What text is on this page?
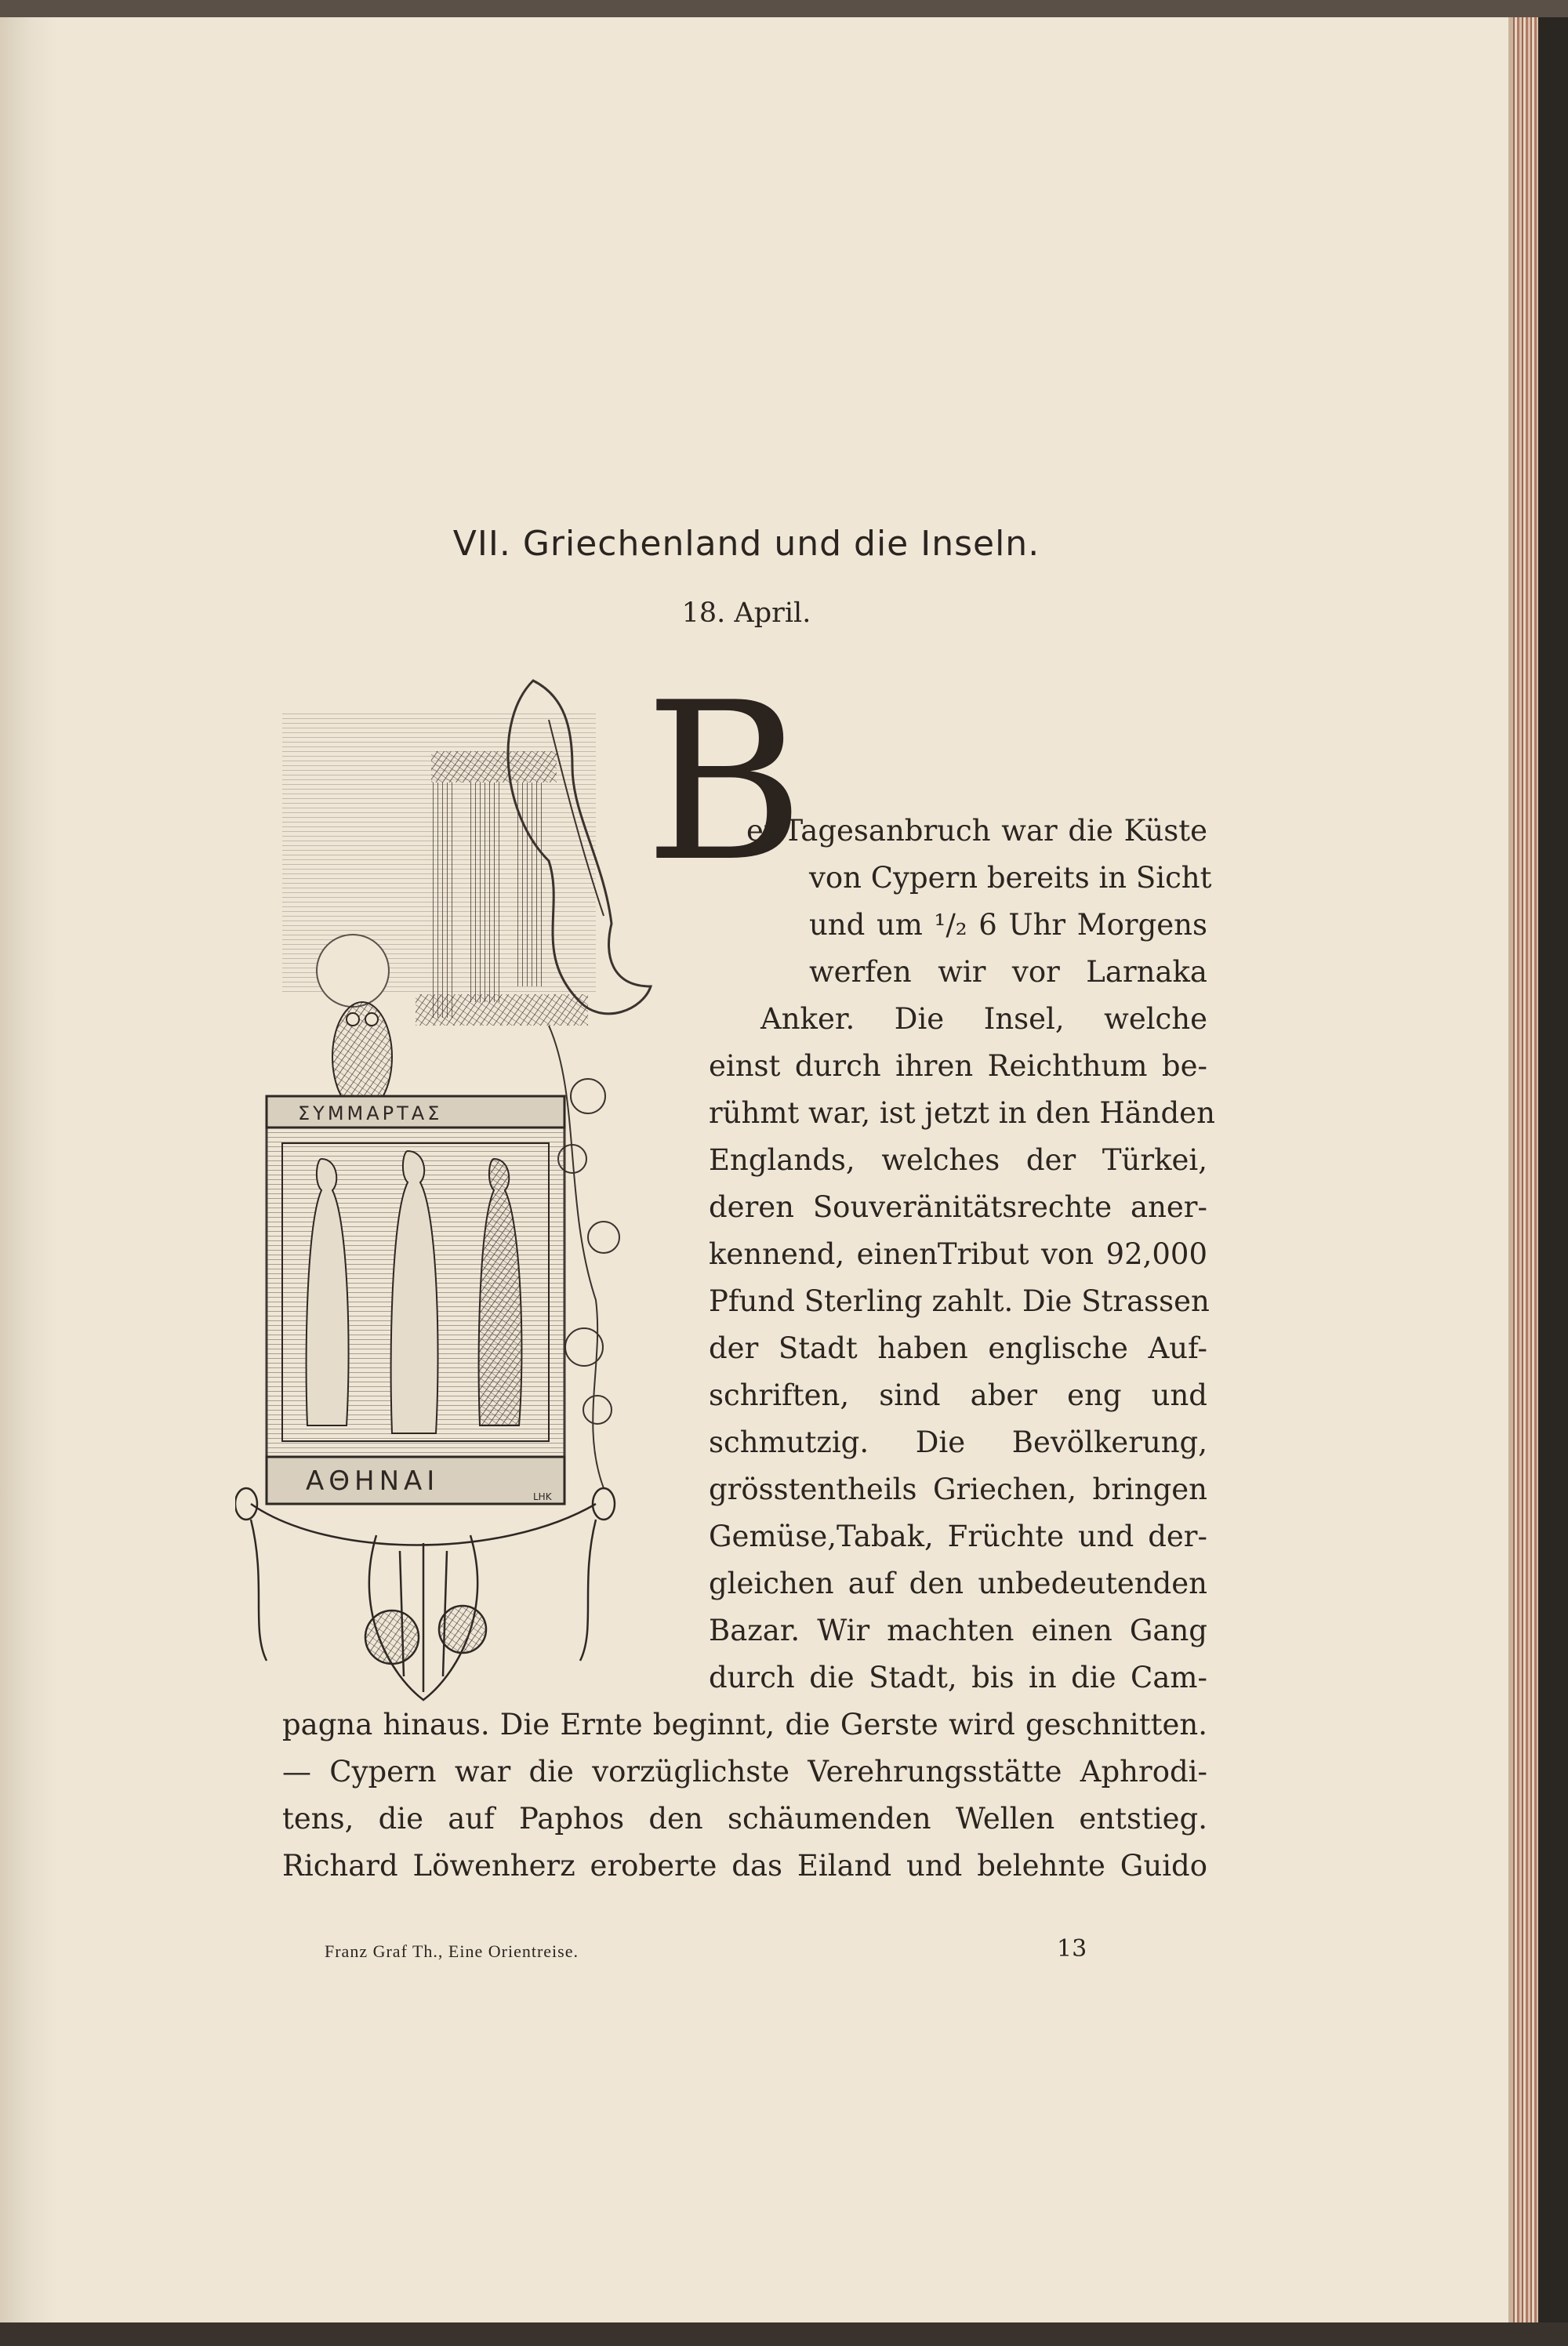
VII. Griechenland und die Inseln.
18. April.
ΣΥΜΜΑΡΤΑΣ
ΑΘΗΝΑΙ	LHK
B
ei Tagesanbruch war die Küste
von Cypern bereits in Sicht
und um ¹/₂ 6 Uhr Morgens
werfen wir vor Larnaka
Anker. Die Insel, welche
einst durch ihren Reichthum be-
rühmt war, ist jetzt in den Händen
Englands, welches der Türkei,
deren Souveränitätsrechte aner-
kennend, einenTribut von 92,000
Pfund Sterling zahlt. Die Strassen
der Stadt haben englische Auf-
schriften, sind aber eng und
schmutzig. Die Bevölkerung,
grösstentheils Griechen, bringen
Gemüse,Tabak, Früchte und der-
gleichen auf den unbedeutenden
Bazar. Wir machten einen Gang
durch die Stadt, bis in die Cam-
pagna hinaus. Die Ernte beginnt, die Gerste wird geschnitten.
— Cypern war die vorzüglichste Verehrungsstätte Aphrodi-
tens, die auf Paphos den schäumenden Wellen entstieg.
Richard Löwenherz eroberte das Eiland und belehnte Guido
Franz Graf Th., Eine Orientreise.	13
